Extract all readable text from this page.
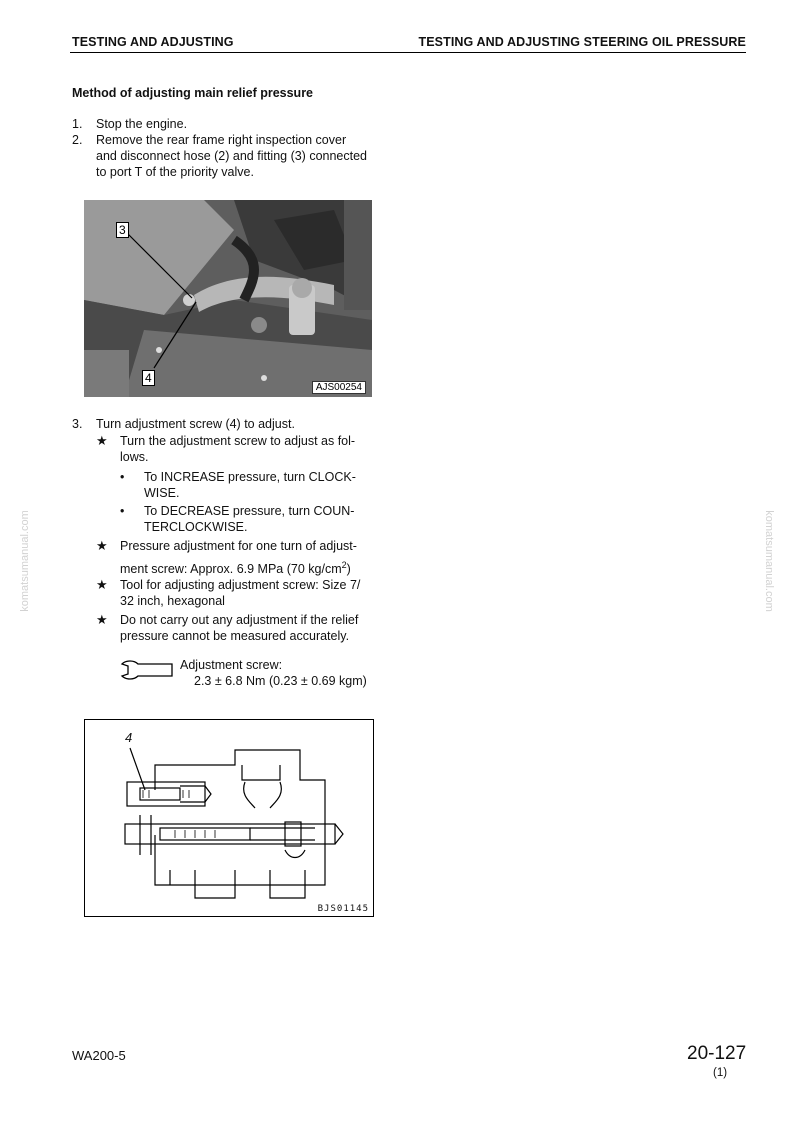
TESTING AND ADJUSTING	TESTING AND ADJUSTING STEERING OIL PRESSURE
Method of adjusting main relief pressure
1. Stop the engine.
2. Remove the rear frame right inspection cover
and disconnect hose (2) and fitting (3) connected
to port T of the priority valve.
3
4
AJS00254
3. Turn adjustment screw (4) to adjust.
★ Turn the adjustment screw to adjust as fol-
lows.
• To INCREASE pressure, turn CLOCK-
WISE.
• To DECREASE pressure, turn COUN-
TERCLOCKWISE.
★ Pressure adjustment for one turn of adjust-
ment screw: Approx. 6.9 MPa (70 $kg/cm^2$)
★ Tool for adjusting adjustment screw: Size 7/
32 inch, hexagonal
★ Do not carry out any adjustment if the relief
pressure cannot be measured accurately.
Adjustment screw:
2.3 ± 6.8 Nm (0.23 ± 0.69 kgm)
4
BJS01145
komatsumanual.com	komatsumanual.com
WA200-5	20-127
(1)
